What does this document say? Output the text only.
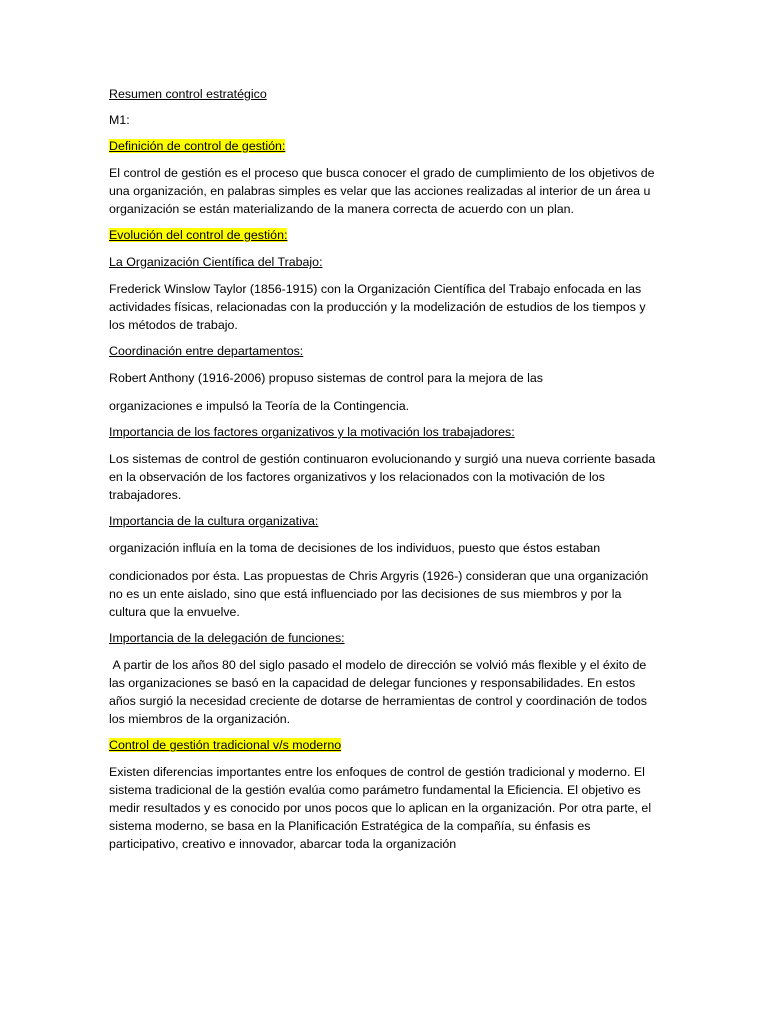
Resumen control estratégico

M1:

Definición de control de gestión:

El control de gestión es el proceso que busca conocer el grado de cumplimiento de los objetivos de una organización, en palabras simples es velar que las acciones realizadas al interior de un área u organización se están materializando de la manera correcta de acuerdo con un plan.

Evolución del control de gestión:

La Organización Científica del Trabajo:

Frederick Winslow Taylor (1856-1915) con la Organización Científica del Trabajo enfocada en las actividades físicas, relacionadas con la producción y la modelización de estudios de los tiempos y los métodos de trabajo.

Coordinación entre departamentos:

Robert Anthony (1916-2006) propuso sistemas de control para la mejora de las

organizaciones e impulsó la Teoría de la Contingencia.

Importancia de los factores organizativos y la motivación los trabajadores:

Los sistemas de control de gestión continuaron evolucionando y surgió una nueva corriente basada en la observación de los factores organizativos y los relacionados con la motivación de los trabajadores.

Importancia de la cultura organizativa:

organización influía en la toma de decisiones de los individuos, puesto que éstos estaban

condicionados por ésta. Las propuestas de Chris Argyris (1926-) consideran que una organización no es un ente aislado, sino que está influenciado por las decisiones de sus miembros y por la cultura que la envuelve.

Importancia de la delegación de funciones:

A partir de los años 80 del siglo pasado el modelo de dirección se volvió más flexible y el éxito de las organizaciones se basó en la capacidad de delegar funciones y responsabilidades. En estos años surgió la necesidad creciente de dotarse de herramientas de control y coordinación de todos los miembros de la organización.

Control de gestión tradicional v/s moderno

Existen diferencias importantes entre los enfoques de control de gestión tradicional y moderno. El sistema tradicional de la gestión evalúa como parámetro fundamental la Eficiencia. El objetivo es medir resultados y es conocido por unos pocos que lo aplican en la organización. Por otra parte, el sistema moderno, se basa en la Planificación Estratégica de la compañía, su énfasis es participativo, creativo e innovador, abarcar toda la organización
